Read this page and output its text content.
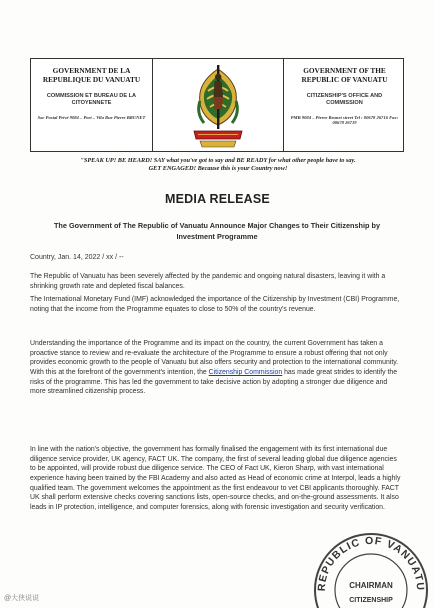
GOVERNMENT DE LA REPUBLIQUE DU VANUATU
COMMISSION ET BUREAU DE LA CITOYENNETE
Sac Postal Privé 9084 – Port – Vila Rue Pierre BRUNET
GOVERNMENT OF THE REPUBLIC OF VANUATU
CITIZENSHIP'S OFFICE AND COMMISSION
PMB 9084 – Pierre Brunet street Tel : 00678 26716 Fax: 00678 26719
"SPEAK UP! BE HEARD! SAY what you've got to say and BE READY for what other people have to say.
GET ENGAGED! Because this is your Country now!
MEDIA RELEASE
The Government of The Republic of Vanuatu Announce Major Changes to Their Citizenship by Investment Programme
Country, Jan. 14, 2022 / xx / --
The Republic of Vanuatu has been severely affected by the pandemic and ongoing natural disasters, leaving it with a shrinking growth rate and depleted fiscal balances.
The International Monetary Fund (IMF) acknowledged the importance of the Citizenship by Investment (CBI) Programme, noting that the income from the Programme equates to close to 50% of the country's revenue.
Understanding the importance of the Programme and its impact on the country, the current Government has taken a proactive stance to review and re-evaluate the architecture of the Programme to ensure a robust offering that not only provides economic growth to the people of Vanuatu but also offers security and protection to the international community. With this at the forefront of the government's intention, the Citizenship Commission has made great strides to identify the risks of the programme. This has led the government to take decisive action by adopting a stronger due diligence and more streamlined citizenship process.
In line with the nation's objective, the government has formally finalised the engagement with its first international due diligence service provider, UK agency, FACT UK. The company, the first of several leading global due diligence agencies to be appointed, will provide robust due diligence service. The CEO of Fact UK, Kieron Sharp, with vast international experience having been trained by the FBI Academy and also acted as Head of economic crime at Interpol, leads a highly qualified team. The government welcomes the appointment as the first endeavour to vet CBI applicants thoroughly. FACT UK shall perform extensive checks covering sanctions lists, open-source checks, and on-the-ground assessments. It also leads in IP protection, intelligence, and computer forensics, along with forensic investigation and security verification.
REPUBLIC OF VANUATU
CHAIRMAN
CITIZENSHIP
@大侠说说
